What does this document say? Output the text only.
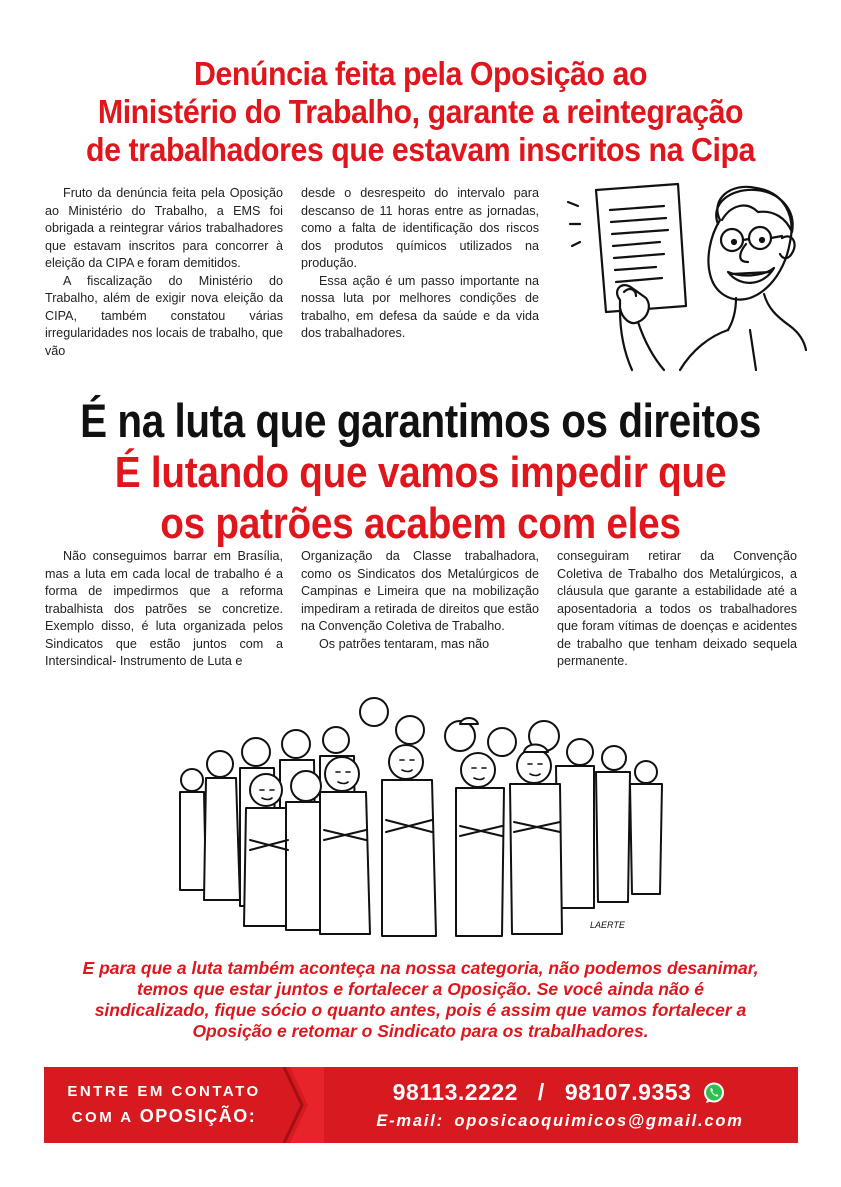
Denúncia feita pela Oposição ao
Ministério do Trabalho, garante a reintegração
de trabalhadores que estavam inscritos na Cipa

Fruto da denúncia feita pela Oposição ao Ministério do Trabalho, a EMS foi obrigada a reintegrar vários trabalhadores que estavam inscritos para concorrer à eleição da CIPA e foram demitidos.

A fiscalização do Ministério do Trabalho, além de exigir nova eleição da CIPA, também constatou várias irregularidades nos locais de trabalho, que vão

desde o desrespeito do intervalo para descanso de 11 horas entre as jornadas, como a falta de identificação dos riscos dos produtos químicos utilizados na produção.

Essa ação é um passo importante na nossa luta por melhores condições de trabalho, em defesa da saúde e da vida dos trabalhadores.

É na luta que garantimos os direitos
É lutando que vamos impedir que
os patrões acabem com eles

Não conseguimos barrar em Brasília, mas a luta em cada local de trabalho é a forma de impedirmos que a reforma trabalhista dos patrões se concretize. Exemplo disso, é luta organizada pelos Sindicatos que estão juntos com a Intersindical- Instrumento de Luta e

Organização da Classe trabalhadora, como os Sindicatos dos Metalúrgicos de Campinas e Limeira que na mobilização impediram a retirada de direitos que estão na Convenção Coletiva de Trabalho.

Os patrões tentaram, mas não

conseguiram retirar da Convenção Coletiva de Trabalho dos Metalúrgicos, a cláusula que garante a estabilidade até a aposentadoria a todos os trabalhadores que foram vítimas de doenças e acidentes de trabalho que tenham deixado sequela permanente.

LAERTE
E para que a luta também aconteça na nossa categoria, não podemos desanimar,
temos que estar juntos e fortalecer a Oposição. Se você ainda não é
sindicalizado, fique sócio o quanto antes, pois é assim que vamos fortalecer a
Oposição e retomar o Sindicato para os trabalhadores.
ENTRE EM CONTATO
COM A OPOSIÇÃO:
98113.2222 / 98107.9353
E-mail: oposicaoquimicos@gmail.com
